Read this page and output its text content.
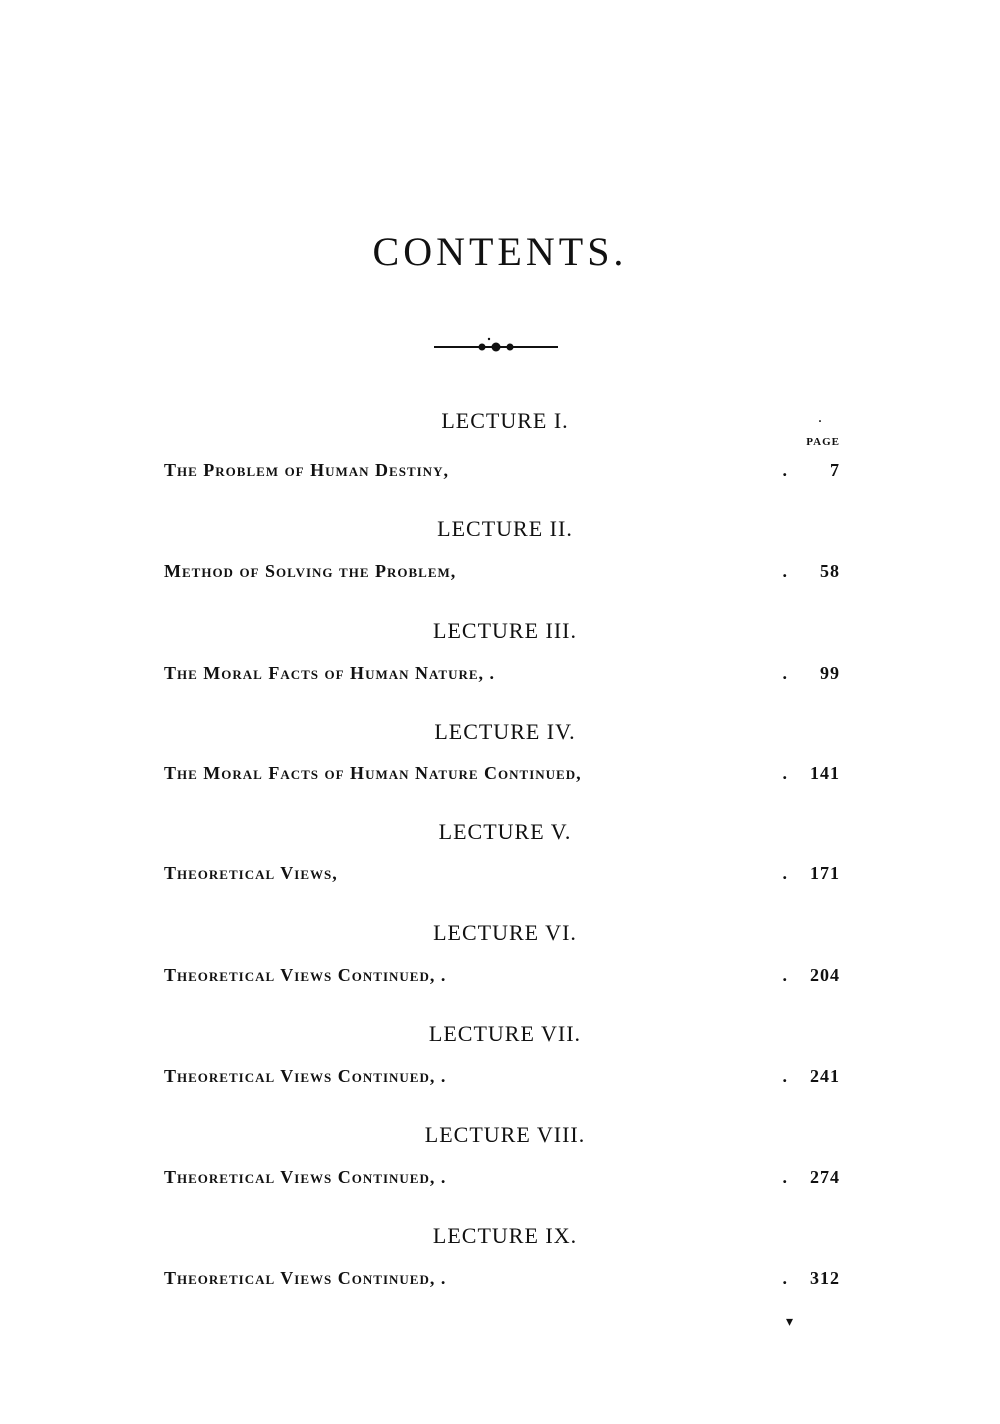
CONTENTS.
·
PAGE
LECTURE I.
The Problem of Human Destiny,	. 7
LECTURE II.
Method of Solving the Problem,	. 58
LECTURE III.
The Moral Facts of Human Nature, .	. 99
LECTURE IV.
The Moral Facts of Human Nature Continued,	. 141
LECTURE V.
Theoretical Views,	. 171
LECTURE VI.
Theoretical Views Continued, .	. 204
LECTURE VII.
Theoretical Views Continued, .	. 241
LECTURE VIII.
Theoretical Views Continued, .	. 274
LECTURE IX.
Theoretical Views Continued, .	. 312
▾
